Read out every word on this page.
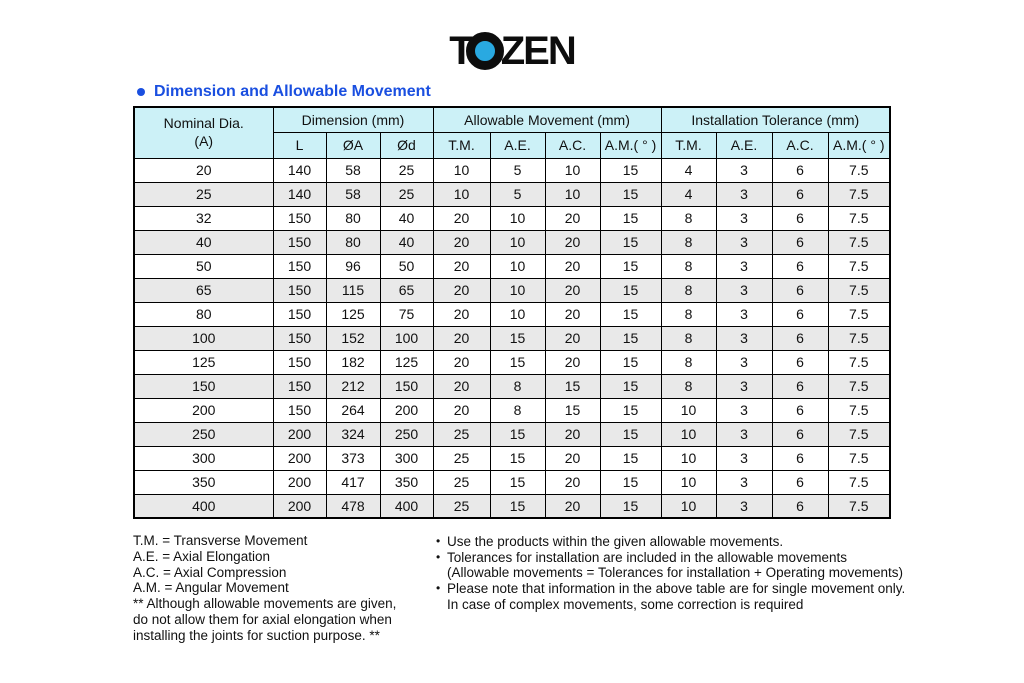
T ZEN
Dimension and Allowable Movement
Nominal Dia.
(A)	Dimension (mm)			Allowable Movement (mm)				Installation Tolerance (mm)			
	L	ØA	Ød	T.M.	A.E.	A.C.	A.M.( ° )	T.M.	A.E.	A.C.	A.M.( ° )
20	140	58	25	10	5	10	15	4	3	6	7.5
25	140	58	25	10	5	10	15	4	3	6	7.5
32	150	80	40	20	10	20	15	8	3	6	7.5
40	150	80	40	20	10	20	15	8	3	6	7.5
50	150	96	50	20	10	20	15	8	3	6	7.5
65	150	115	65	20	10	20	15	8	3	6	7.5
80	150	125	75	20	10	20	15	8	3	6	7.5
100	150	152	100	20	15	20	15	8	3	6	7.5
125	150	182	125	20	15	20	15	8	3	6	7.5
150	150	212	150	20	8	15	15	8	3	6	7.5
200	150	264	200	20	8	15	15	10	3	6	7.5
250	200	324	250	25	15	20	15	10	3	6	7.5
300	200	373	300	25	15	20	15	10	3	6	7.5
350	200	417	350	25	15	20	15	10	3	6	7.5
400	200	478	400	25	15	20	15	10	3	6	7.5
T.M. = Transverse Movement
A.E. = Axial Elongation
A.C. = Axial Compression
A.M. = Angular Movement
** Although allowable movements are given,
do not allow them for axial elongation when
installing the joints for suction purpose. **
• Use the products within the given allowable movements.
• Tolerances for installation are included in the allowable movements
(Allowable movements = Tolerances for installation + Operating movements)
• Please note that information in the above table are for single movement only.
In case of complex movements, some correction is required
